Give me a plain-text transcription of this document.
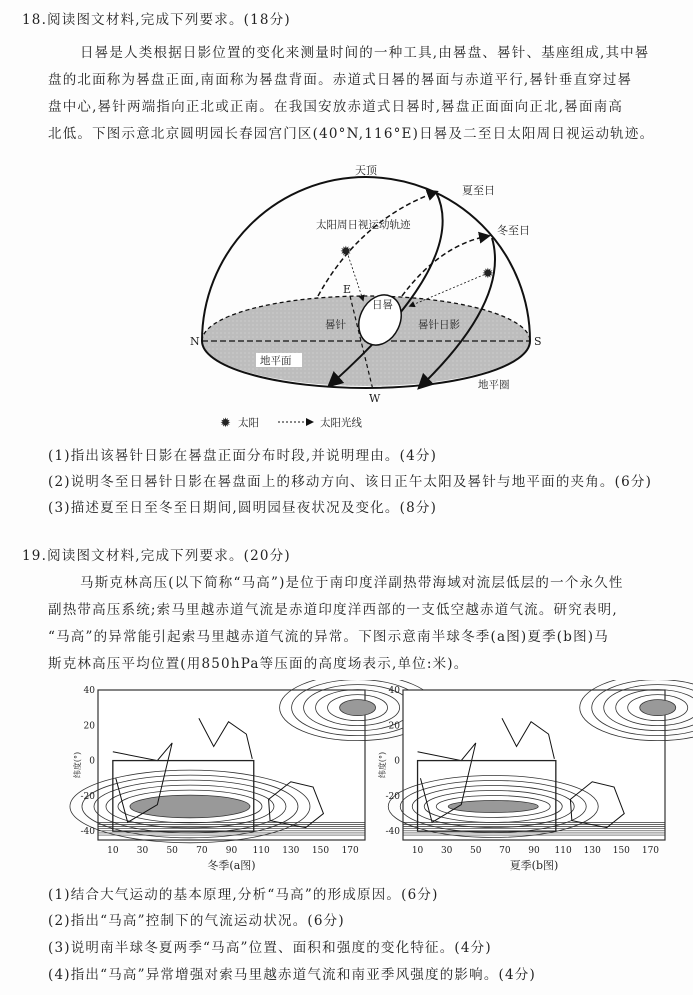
18.阅读图文材料,完成下列要求。(18分)
日晷是人类根据日影位置的变化来测量时间的一种工具,由晷盘、晷针、基座组成,其中晷
盘的北面称为晷盘正面,南面称为晷盘背面。赤道式日晷的晷面与赤道平行,晷针垂直穿过晷
盘中心,晷针两端指向正北或正南。在我国安放赤道式日晷时,晷盘正面面向正北,晷面南高
北低。下图示意北京圆明园长春园宫门区(40°N,116°E)日晷及二至日太阳周日视运动轨迹。
✹
✹
天顶
夏至日
冬至日
太阳周日视运动轨迹
日晷
晷针	晷针日影
地平面
地平圈
N	S
E
W
✹ 太阳	太阳光线
(1)指出该晷针日影在晷盘正面分布时段,并说明理由。(4分)
(2)说明冬至日晷针日影在晷盘面上的移动方向、该日正午太阳及晷针与地平面的夹角。(6分)
(3)描述夏至日至冬至日期间,圆明园昼夜状况及变化。(8分)
19.阅读图文材料,完成下列要求。(20分)
马斯克林高压(以下简称“马高”)是位于南印度洋副热带海域对流层低层的一个永久性
副热带高压系统;索马里越赤道气流是赤道印度洋西部的一支低空越赤道气流。研究表明,
“马高”的异常能引起索马里越赤道气流的异常。下图示意南半球冬季(a图)夏季(b图)马
斯克林高压平均位置(用850hPa等压面的高度场表示,单位:米)。
10 30 50 70 90 110 130 150 170
40
20
0
-20
-40
纬度(°)
冬季(a图)
10 30 50 70 90 110 130 150 170
40
20
0
-20
-40
纬度(°)
夏季(b图)
(1)结合大气运动的基本原理,分析“马高”的形成原因。(6分)
(2)指出“马高”控制下的气流运动状况。(6分)
(3)说明南半球冬夏两季“马高”位置、面积和强度的变化特征。(4分)
(4)指出“马高”异常增强对索马里越赤道气流和南亚季风强度的影响。(4分)
